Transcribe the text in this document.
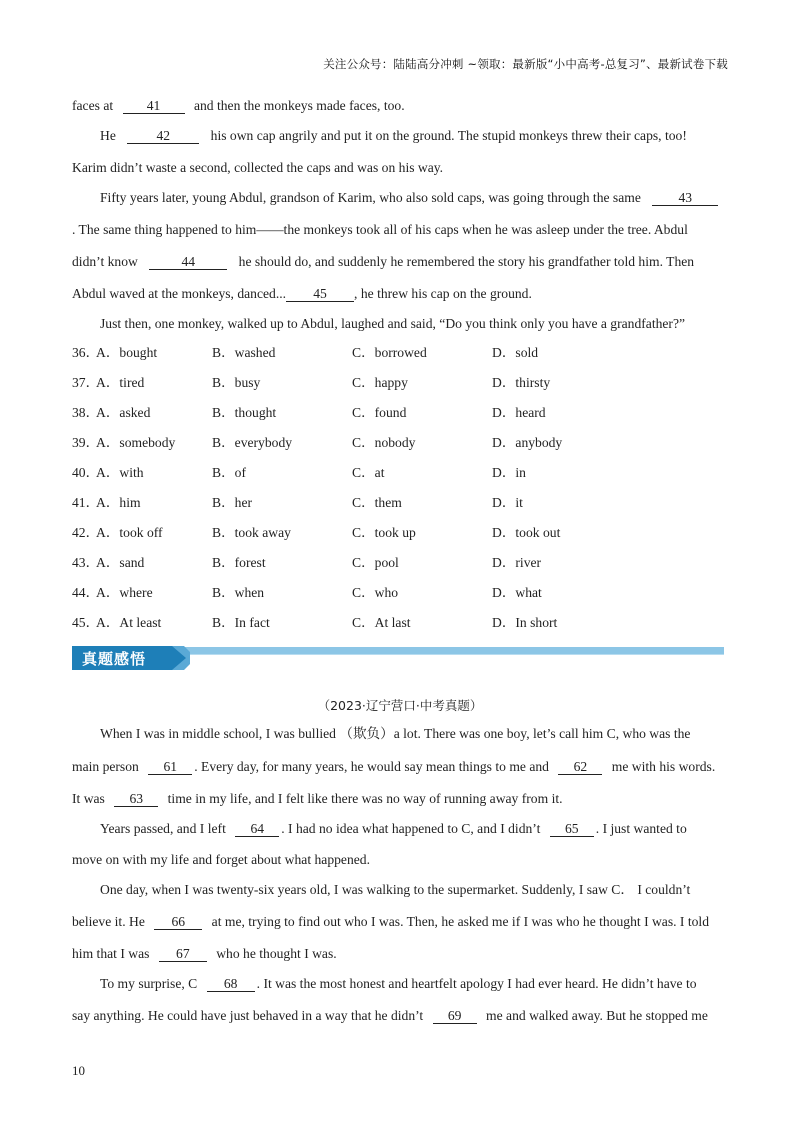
关注公众号：陆陆高分冲刺 ~领取：最新版“小中高考-总复习”、最新试卷下载
faces at 41 and then the monkeys made faces, too.
He	42	his own cap angrily and put it on the ground. The stupid monkeys threw their caps, too!
Karim didn’t waste a second, collected the caps and was on his way.
Fifty years later, young Abdul, grandson of Karim, who also sold caps, was going through the same	43
. The same thing happened to him——the monkeys took all of his caps when he was asleep under the tree. Abdul
didn’t know	44	he should do, and suddenly he remembered the story his grandfather told him. Then
Abdul waved at the monkeys, danced... 45 , he threw his cap on the ground.
Just then, one monkey, walked up to Abdul, laughed and said, “Do you think only you have a grandfather?”
36．
A．bought	B．washed	C．borrowed	D．sold
37．
A．tired	B．busy	C．happy	D．thirsty
38．
A．asked	B．thought	C．found	D．heard
39．
A．somebody	B．everybody	C．nobody	D．anybody
40．
A．with	B．of	C．at	D．in
41．
A．him	B．her	C．them	D．it
42．
A．took off	B．took away	C．took up	D．took out
43．
A．sand	B．forest	C．pool	D．river
44．
A．where	B．when	C．who	D．what
45．
A．At least	B．In fact	C．At last	D．In short
When I was in middle school, I was bullied （欺负）a lot. There was one boy, let’s call him C, who was the
main person 61 . Every day, for many years, he would say mean things to me and 62 me with his words.
It was 63 time in my life, and I felt like there was no way of running away from it.
Years passed, and I left 64 . I had no idea what happened to C, and I didn’t 65 . I just wanted to
move on with my life and forget about what happened.
One day, when I was twenty-six years old, I was walking to the supermarket. Suddenly, I saw C． I couldn’t
believe it. He 66 at me, trying to find out who I was. Then, he asked me if I was who he thought I was. I told
him that I was 67 who he thought I was.
To my surprise, C 68 . It was the most honest and heartfelt apology I had ever heard. He didn’t have to
say anything. He could have just behaved in a way that he didn’t 69 me and walked away. But he stopped me
真题感悟
（2023·辽宁营口·中考真题）
10
